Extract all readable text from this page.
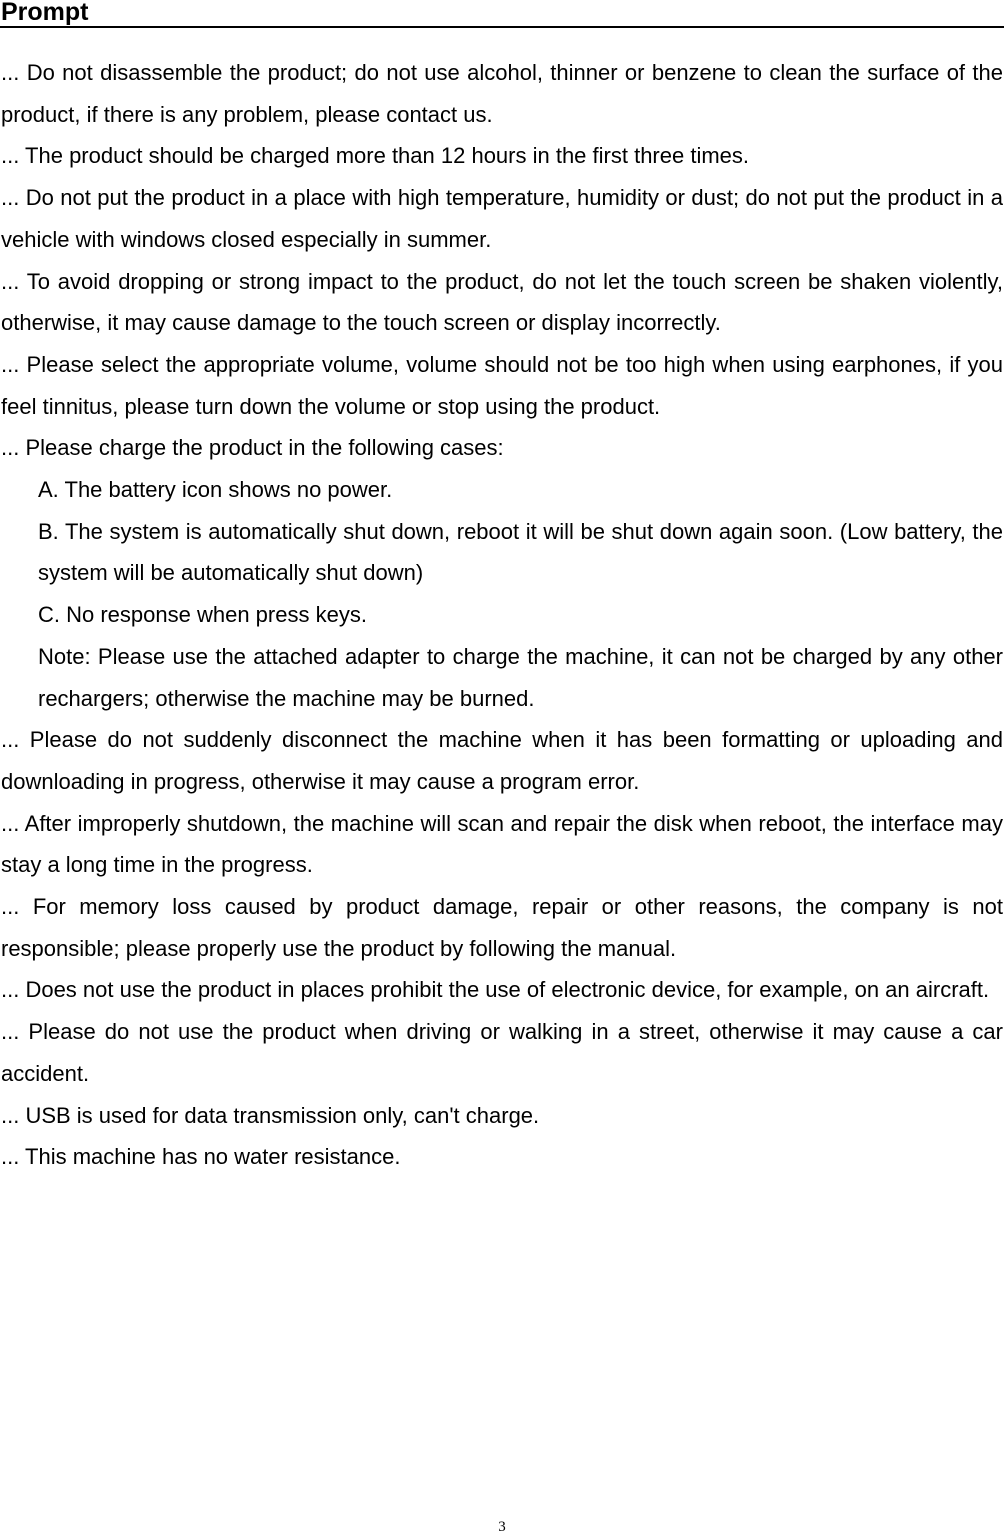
Prompt

... Do not disassemble the product; do not use alcohol, thinner or benzene to clean the surface of the product, if there is any problem, please contact us.

... The product should be charged more than 12 hours in the first three times.

... Do not put the product in a place with high temperature, humidity or dust; do not put the product in a vehicle with windows closed especially in summer.

... To avoid dropping or strong impact to the product, do not let the touch screen be shaken violently, otherwise, it may cause damage to the touch screen or display incorrectly.

... Please select the appropriate volume, volume should not be too high when using earphones, if you feel tinnitus, please turn down the volume or stop using the product.

... Please charge the product in the following cases:

A. The battery icon shows no power.

B. The system is automatically shut down, reboot it will be shut down again soon. (Low battery, the system will be automatically shut down)

C. No response when press keys.

Note: Please use the attached adapter to charge the machine, it can not be charged by any other rechargers; otherwise the machine may be burned.

... Please do not suddenly disconnect the machine when it has been formatting or uploading and downloading in progress, otherwise it may cause a program error.

... After improperly shutdown, the machine will scan and repair the disk when reboot, the interface may stay a long time in the progress.

... For memory loss caused by product damage, repair or other reasons, the company is not responsible; please properly use the product by following the manual.

... Does not use the product in places prohibit the use of electronic device, for example, on an aircraft.

... Please do not use the product when driving or walking in a street, otherwise it may cause a car accident.

... USB is used for data transmission only, can't charge.

... This machine has no water resistance.

3
